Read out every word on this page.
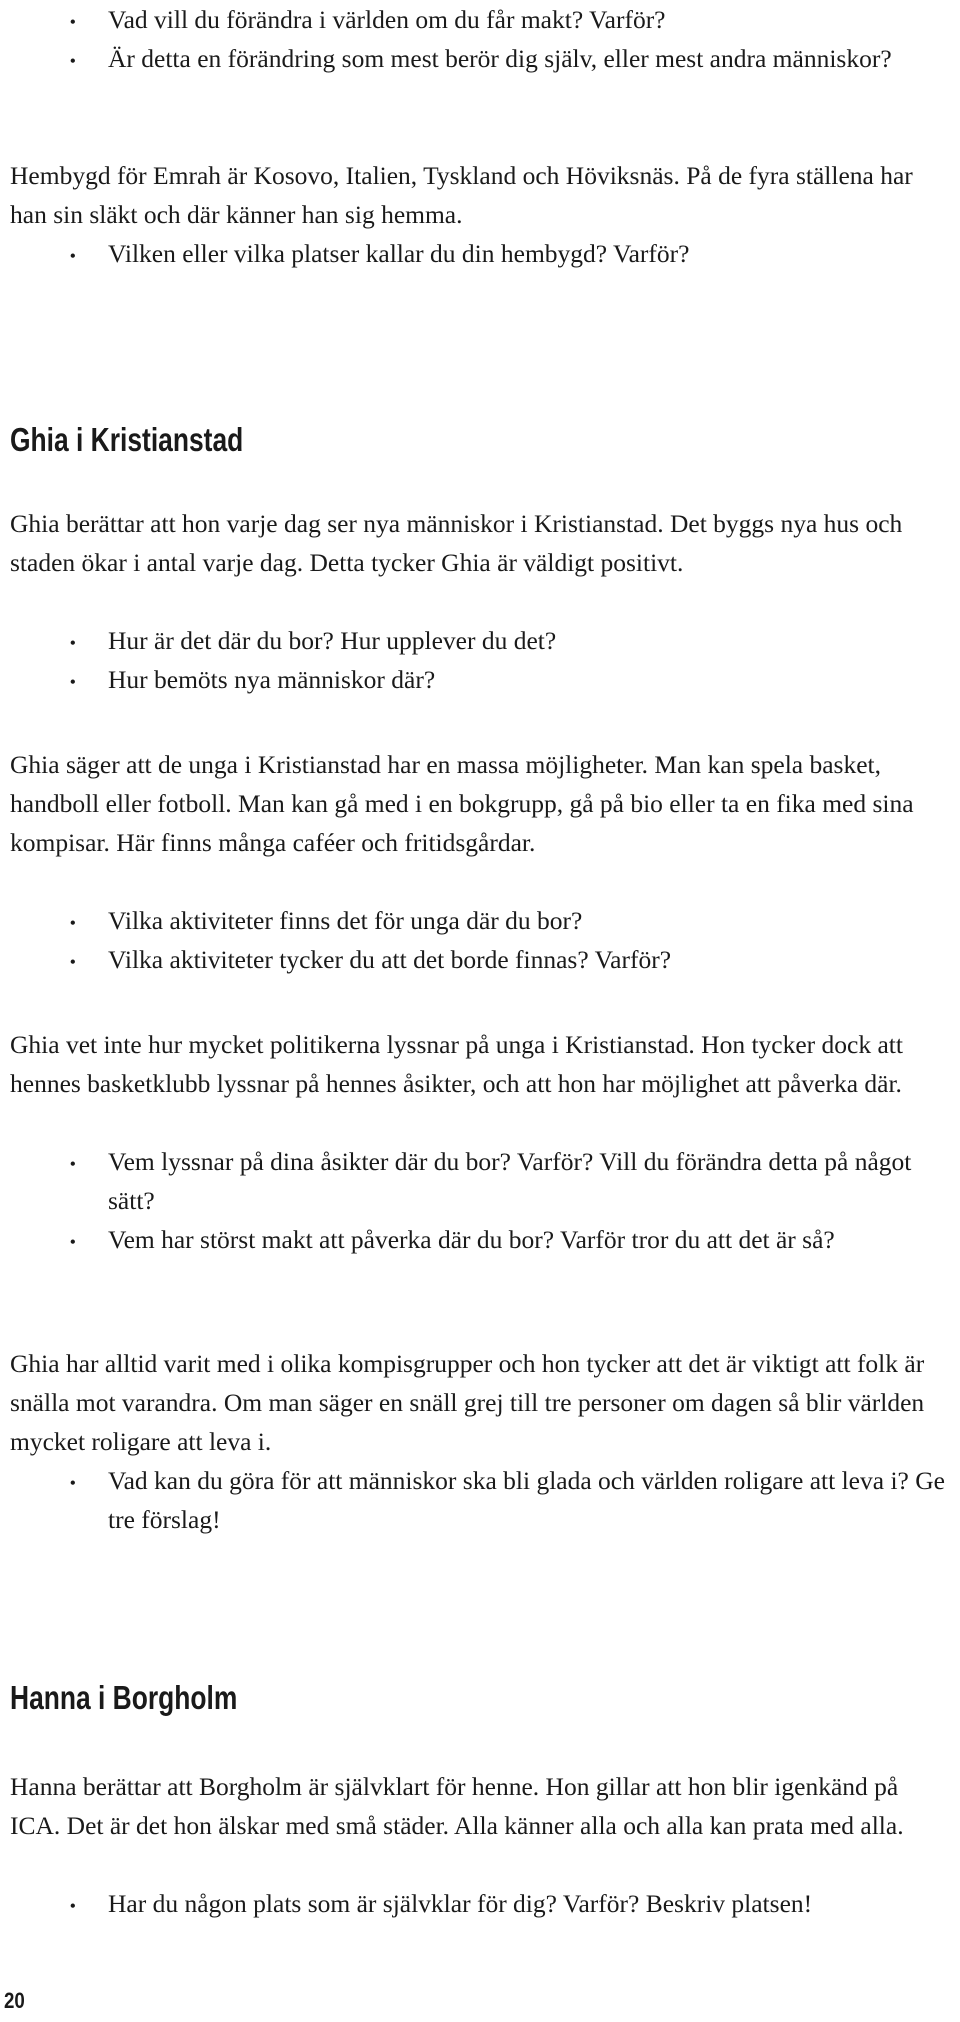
• Vad vill du förändra i världen om du får makt? Varför?
• Är detta en förändring som mest berör dig själv, eller mest andra människor?

Hembygd för Emrah är Kosovo, Italien, Tyskland och Höviksnäs. På de fyra ställena har han sin släkt och där känner han sig hemma.

• Vilken eller vilka platser kallar du din hembygd? Varför?
Ghia i Kristianstad

Ghia berättar att hon varje dag ser nya människor i Kristianstad. Det byggs nya hus och staden ökar i antal varje dag. Detta tycker Ghia är väldigt positivt.

• Hur är det där du bor? Hur upplever du det?
• Hur bemöts nya människor där?

Ghia säger att de unga i Kristianstad har en massa möjligheter. Man kan spela basket, handboll eller fotboll. Man kan gå med i en bokgrupp, gå på bio eller ta en fika med sina kompisar. Här finns många caféer och fritidsgårdar.

• Vilka aktiviteter finns det för unga där du bor?
• Vilka aktiviteter tycker du att det borde finnas? Varför?

Ghia vet inte hur mycket politikerna lyssnar på unga i Kristianstad. Hon tycker dock att hennes basketklubb lyssnar på hennes åsikter, och att hon har möjlighet att påverka där.

• Vem lyssnar på dina åsikter där du bor? Varför? Vill du förändra detta på något sätt?
• Vem har störst makt att påverka där du bor? Varför tror du att det är så?

Ghia har alltid varit med i olika kompisgrupper och hon tycker att det är viktigt att folk är snälla mot varandra. Om man säger en snäll grej till tre personer om dagen så blir världen mycket roligare att leva i.

• Vad kan du göra för att människor ska bli glada och världen roligare att leva i? Ge tre förslag!
Hanna i Borgholm

Hanna berättar att Borgholm är självklart för henne. Hon gillar att hon blir igenkänd på ICA. Det är det hon älskar med små städer. Alla känner alla och alla kan prata med alla.

• Har du någon plats som är självklar för dig? Varför? Beskriv platsen!
20
